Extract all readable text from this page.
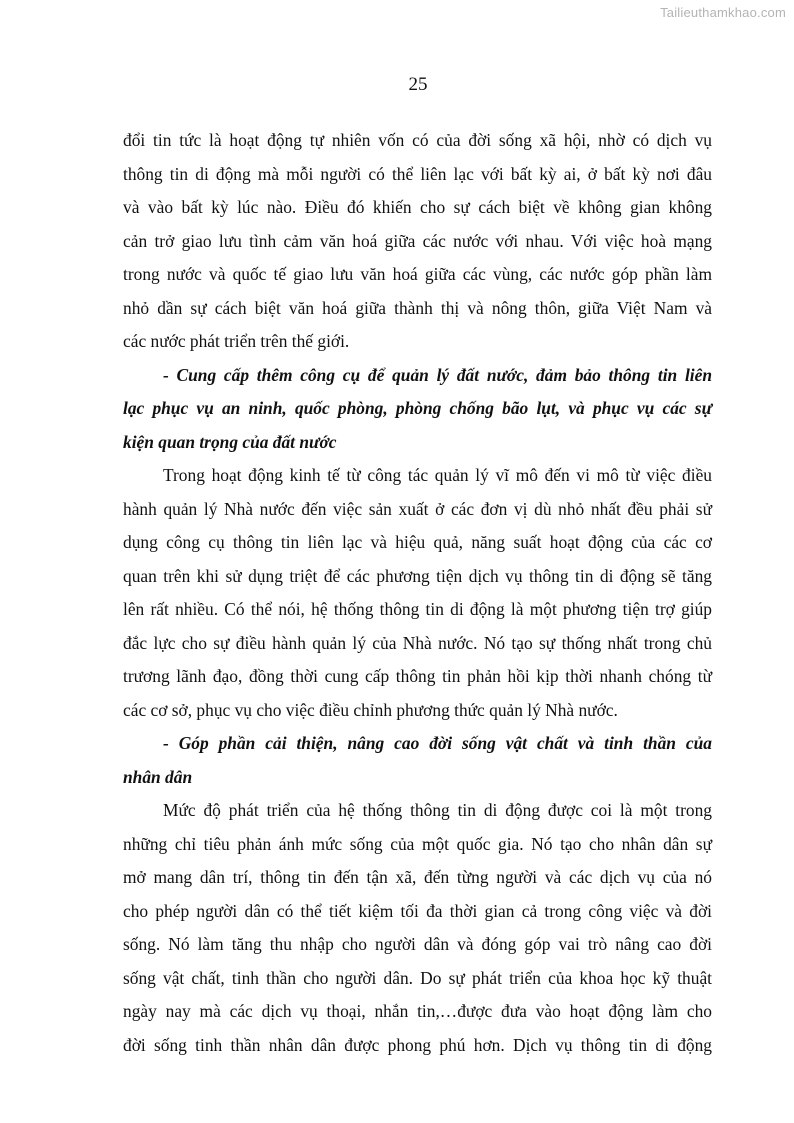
Tailieuthamkhao.com
25
đổi tin tức là hoạt động tự nhiên vốn có của đời sống xã hội, nhờ có dịch vụ
thông tin di động mà mỗi người có thể liên lạc với bất kỳ ai, ở bất kỳ nơi đâu
và vào bất kỳ lúc nào. Điều đó khiến cho sự cách biệt về không gian không
cản trở giao lưu tình cảm văn hoá giữa các nước với nhau. Với việc hoà mạng
trong nước và quốc tế giao lưu văn hoá giữa các vùng, các nước góp phần làm
nhỏ dần sự cách biệt văn hoá giữa thành thị và nông thôn, giữa Việt Nam và
các nước phát triển trên thế giới.
- Cung cấp thêm công cụ để quản lý đất nước, đảm bảo thông tin liên
lạc phục vụ an ninh, quốc phòng, phòng chống bão lụt, và phục vụ các sự
kiện quan trọng của đất nước
Trong hoạt động kinh tế từ công tác quản lý vĩ mô đến vi mô từ việc điều
hành quản lý Nhà nước đến việc sản xuất ở các đơn vị dù nhỏ nhất đều phải sử
dụng công cụ thông tin liên lạc và hiệu quả, năng suất hoạt động của các cơ
quan trên khi sử dụng triệt để các phương tiện dịch vụ thông tin di động sẽ tăng
lên rất nhiều. Có thể nói, hệ thống thông tin di động là một phương tiện trợ giúp
đắc lực cho sự điều hành quản lý của Nhà nước. Nó tạo sự thống nhất trong chủ
trương lãnh đạo, đồng thời cung cấp thông tin phản hồi kịp thời nhanh chóng từ
các cơ sở, phục vụ cho việc điều chỉnh phương thức quản lý Nhà nước.
- Góp phần cải thiện, nâng cao đời sống vật chất và tinh thần của
nhân dân
Mức độ phát triển của hệ thống thông tin di động được coi là một trong
những chỉ tiêu phản ánh mức sống của một quốc gia. Nó tạo cho nhân dân sự
mở mang dân trí, thông tin đến tận xã, đến từng người và các dịch vụ của nó
cho phép người dân có thể tiết kiệm tối đa thời gian cả trong công việc và đời
sống. Nó làm tăng thu nhập cho người dân và đóng góp vai trò nâng cao đời
sống vật chất, tinh thần cho người dân. Do sự phát triển của khoa học kỹ thuật
ngày nay mà các dịch vụ thoại, nhắn tin,…được đưa vào hoạt động làm cho
đời sống tinh thần nhân dân được phong phú hơn. Dịch vụ thông tin di động
